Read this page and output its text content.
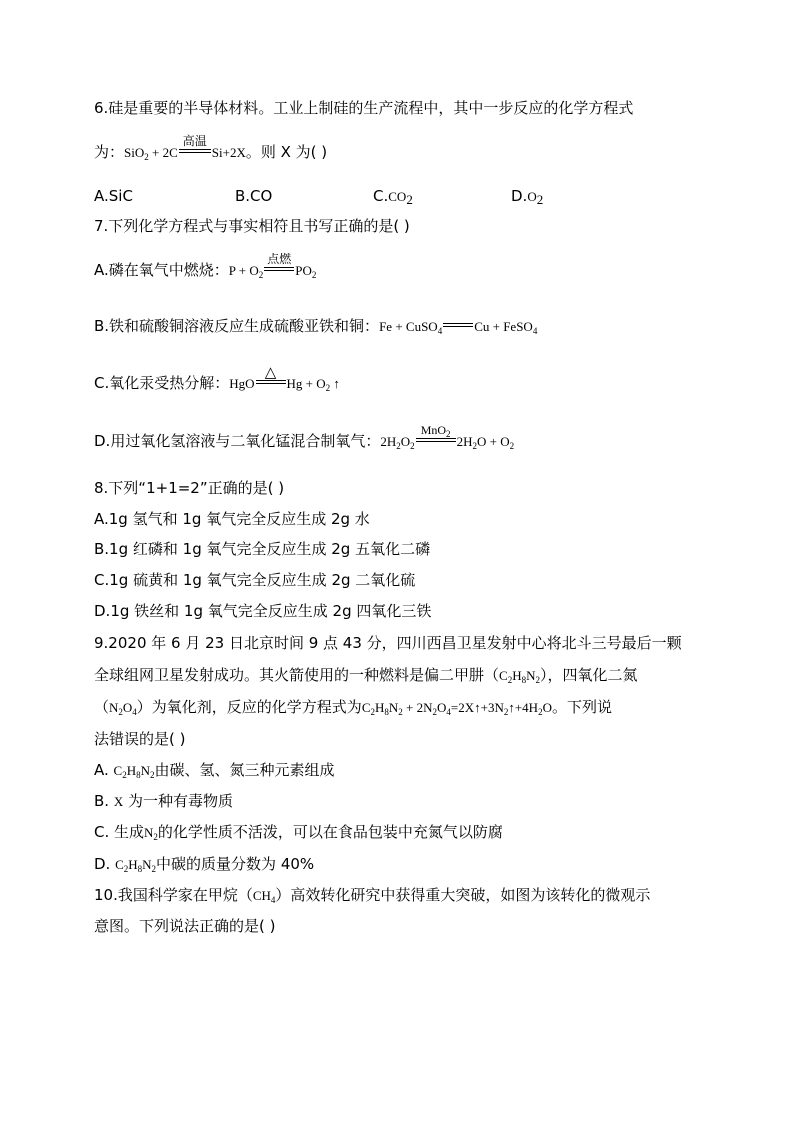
6.硅是重要的半导体材料。工业上制硅的生产流程中，其中一步反应的化学方程式
为：SiO$_2$ + 2C
高温
Si+2X。则 X 为( )
A.SiC	B.CO	$C.CO_2$	$D.O_2$
7.下列化学方程式与事实相符且书写正确的是( )
A.磷在氧气中燃烧：$P + O_2$
点燃
$PO_2$
B.铁和硫酸铜溶液反应生成硫酸亚铁和铜：Fe + CuSO$_4$ Cu + FeSO$_4$
C.氧化汞受热分解：HgO
△
$Hg + O_2$ ↑
D.用过氧化氢溶液与二氧化锰混合制氧气：$2H_2O_2$
MnO$_2$ $2H_2O + O_2$
8.下列“1+1=2”正确的是( )
A.1g 氢气和 1g 氧气完全反应生成 2g 水
B.1g 红磷和 1g 氧气完全反应生成 2g 五氧化二磷
C.1g 硫黄和 1g 氧气完全反应生成 2g 二氧化硫
D.1g 铁丝和 1g 氧气完全反应生成 2g 四氧化三铁
9.2020 年 6 月 23 日北京时间 9 点 43 分，四川西昌卫星发射中心将北斗三号最后一颗
全球组网卫星发射成功。其火箭使用的一种燃料是偏二甲肼$(C_2H_8N_2)$，四氧化二氮
$(N_2O_4)$为氧化剂，反应的化学方程式为$C_2H_8N_2$ + $2N_2O_4=2X↑+3N_2↑+4H_2O$。下列说
法错误的是( )
A. $C_2H_8N_2$由碳、氢、氮三种元素组成
B. X 为一种有毒物质
C. 生成$N_2$的化学性质不活泼，可以在食品包装中充氮气以防腐
D. $C_2H_8N_2$中碳的质量分数为 40%
10.我国科学家在甲烷$(CH_4)$高效转化研究中获得重大突破，如图为该转化的微观示
意图。下列说法正确的是( )
